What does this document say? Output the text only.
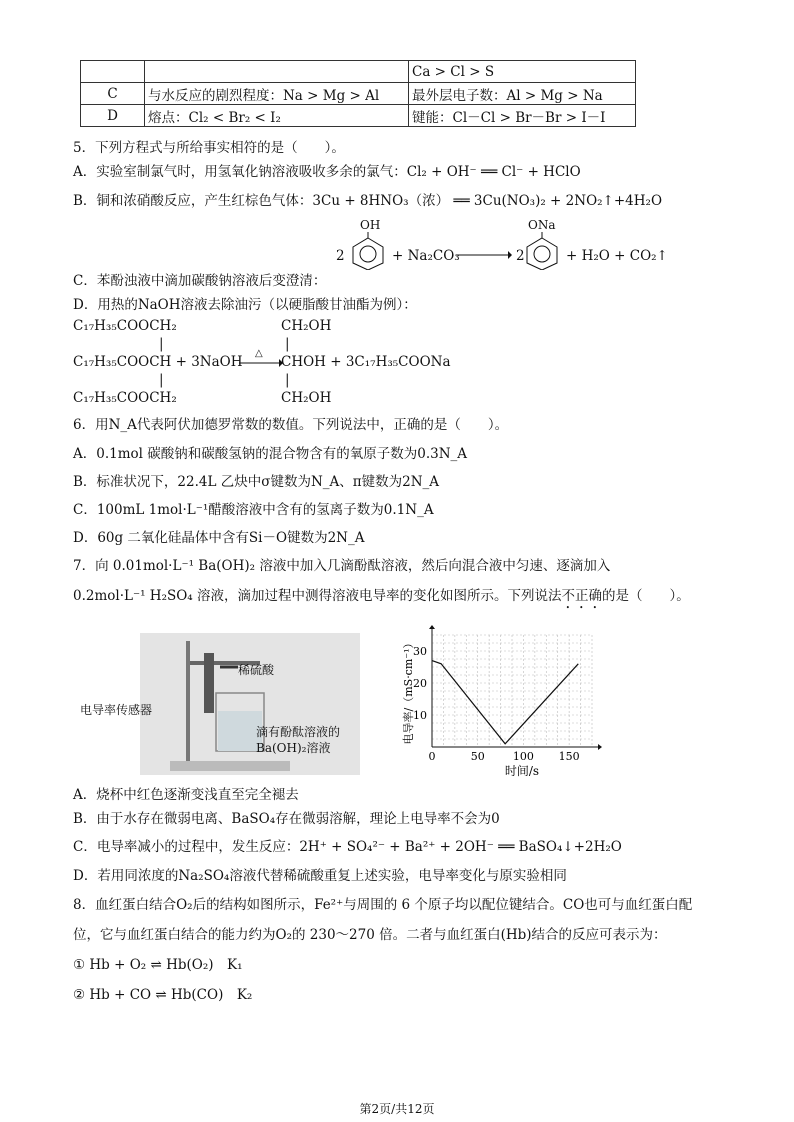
		Ca > Cl > S
C	与水反应的剧烈程度：Na > Mg > Al	最外层电子数：Al > Mg > Na
D	熔点：Cl₂ < Br₂ < I₂	键能：Cl－Cl > Br－Br > I－I
5．下列方程式与所给事实相符的是（　　）。
A．实验室制氯气时，用氢氧化钠溶液吸收多余的氯气：Cl₂ + OH⁻ ══ Cl⁻ + HClO
B．铜和浓硝酸反应，产生红棕色气体：3Cu + 8HNO₃（浓） ══ 3Cu(NO₃)₂ + 2NO₂↑+4H₂O
2
OH
+ Na₂CO₃	2
ONa
+ H₂O + CO₂↑
C．苯酚浊液中滴加碳酸钠溶液后变澄清：
D．用热的NaOH溶液去除油污（以硬脂酸甘油酯为例）：
C₁₇H₃₅COOCH₂
|
C₁₇H₃₅COOCH + 3NaOH
|
C₁₇H₃₅COOCH₂
△
CH₂OH
|
CHOH + 3C₁₇H₃₅COONa
|
CH₂OH
6．用N_A代表阿伏加德罗常数的数值。下列说法中，正确的是（　　）。
A．0.1mol 碳酸钠和碳酸氢钠的混合物含有的氧原子数为0.3N_A
B．标准状况下，22.4L 乙炔中σ键数为N_A、π键数为2N_A
C．100mL 1mol·L⁻¹醋酸溶液中含有的氢离子数为0.1N_A
D．60g 二氧化硅晶体中含有Si－O键数为2N_A
7．向 0.01mol·L⁻¹ Ba(OH)₂ 溶液中加入几滴酚酞溶液，然后向混合液中匀速、逐滴加入
0.2mol·L⁻¹ H₂SO₄ 溶液，滴加过程中测得溶液电导率的变化如图所示。下列说法不正确的是（　　）。
稀硫酸
电导率传感器
滴有酚酞溶液的
Ba(OH)₂溶液
0	50	100 150
10
20
30
时间/s
电导率/（mS·cm⁻¹）
A．烧杯中红色逐渐变浅直至完全褪去
B．由于水存在微弱电离、BaSO₄存在微弱溶解，理论上电导率不会为0
C．电导率减小的过程中，发生反应：2H⁺ + SO₄²⁻ + Ba²⁺ + 2OH⁻ ══ BaSO₄↓+2H₂O
D．若用同浓度的Na₂SO₄溶液代替稀硫酸重复上述实验，电导率变化与原实验相同
8．血红蛋白结合O₂后的结构如图所示，Fe²⁺与周围的 6 个原子均以配位键结合。CO也可与血红蛋白配
位，它与血红蛋白结合的能力约为O₂的 230～270 倍。二者与血红蛋白(Hb)结合的反应可表示为：
① Hb + O₂ ⇌ Hb(O₂)　K₁
② Hb + CO ⇌ Hb(CO)　K₂
第2页/共12页
